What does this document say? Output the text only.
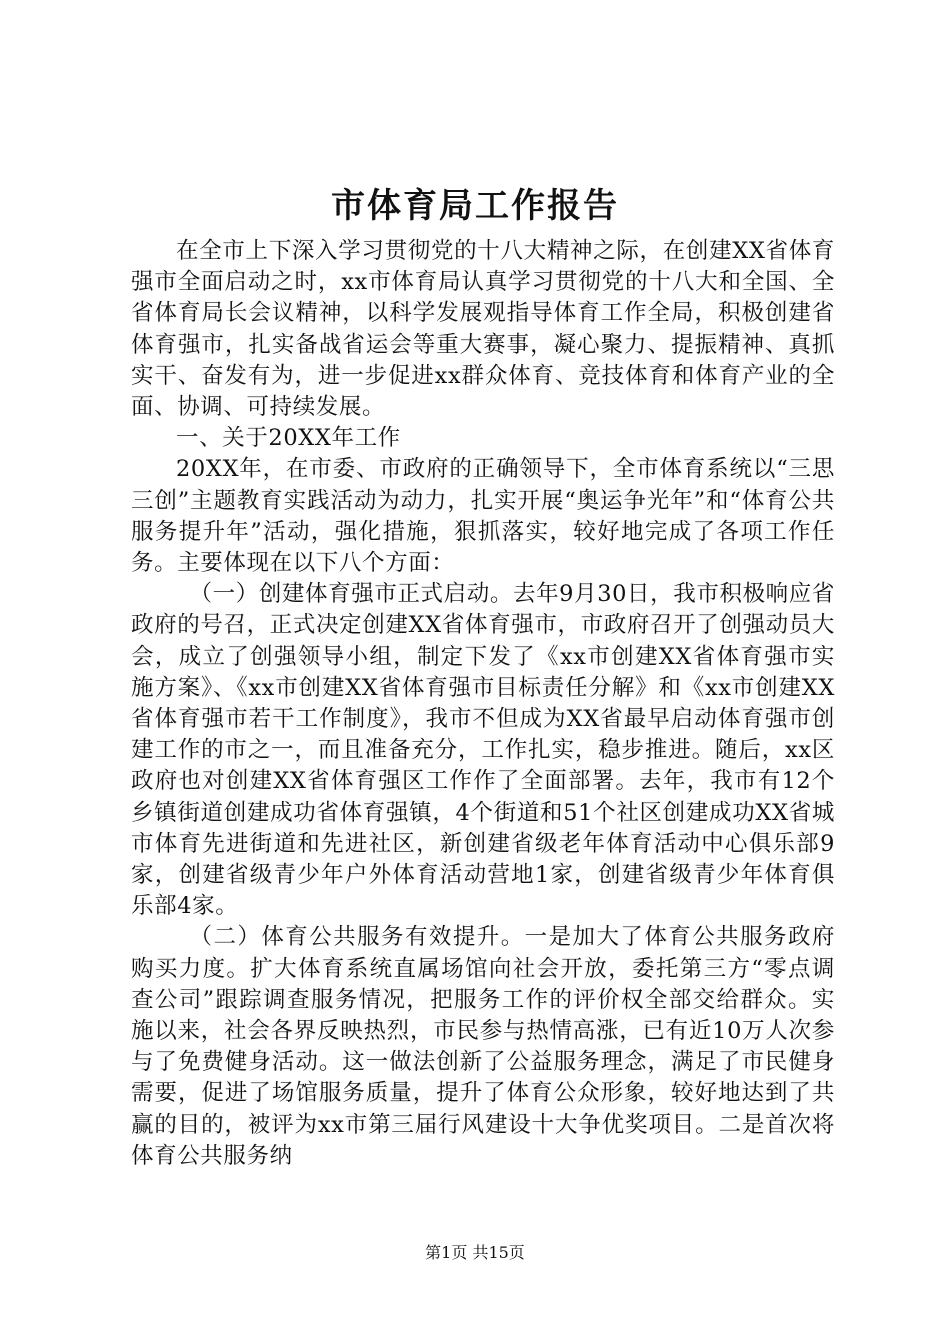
市体育局工作报告

在全市上下深入学习贯彻党的十八大精神之际，在创建XX省体育强市全面启动之时，xx市体育局认真学习贯彻党的十八大和全国、全省体育局长会议精神，以科学发展观指导体育工作全局，积极创建省体育强市，扎实备战省运会等重大赛事，凝心聚力、提振精神、真抓实干、奋发有为，进一步促进xx群众体育、竞技体育和体育产业的全面、协调、可持续发展。

一、关于20XX年工作

20XX年，在市委、市政府的正确领导下，全市体育系统以“三思三创”主题教育实践活动为动力，扎实开展“奥运争光年”和“体育公共服务提升年”活动，强化措施，狠抓落实，较好地完成了各项工作任务。主要体现在以下八个方面：

（一）创建体育强市正式启动。去年9月30日，我市积极响应省政府的号召，正式决定创建XX省体育强市，市政府召开了创强动员大会，成立了创强领导小组，制定下发了《xx市创建XX省体育强市实施方案》、《xx市创建XX省体育强市目标责任分解》和《xx市创建XX省体育强市若干工作制度》，我市不但成为XX省最早启动体育强市创建工作的市之一，而且准备充分，工作扎实，稳步推进。随后，xx区政府也对创建XX省体育强区工作作了全面部署。去年，我市有12个乡镇街道创建成功省体育强镇，4个街道和51个社区创建成功XX省城市体育先进街道和先进社区，新创建省级老年体育活动中心俱乐部9家，创建省级青少年户外体育活动营地1家，创建省级青少年体育俱乐部4家。

（二）体育公共服务有效提升。一是加大了体育公共服务政府购买力度。扩大体育系统直属场馆向社会开放，委托第三方“零点调查公司”跟踪调查服务情况，把服务工作的评价权全部交给群众。实施以来，社会各界反映热烈，市民参与热情高涨，已有近10万人次参与了免费健身活动。这一做法创新了公益服务理念，满足了市民健身需要，促进了场馆服务质量，提升了体育公众形象，较好地达到了共赢的目的，被评为xx市第三届行风建设十大争优奖项目。二是首次将体育公共服务纳

第1页 共15页
